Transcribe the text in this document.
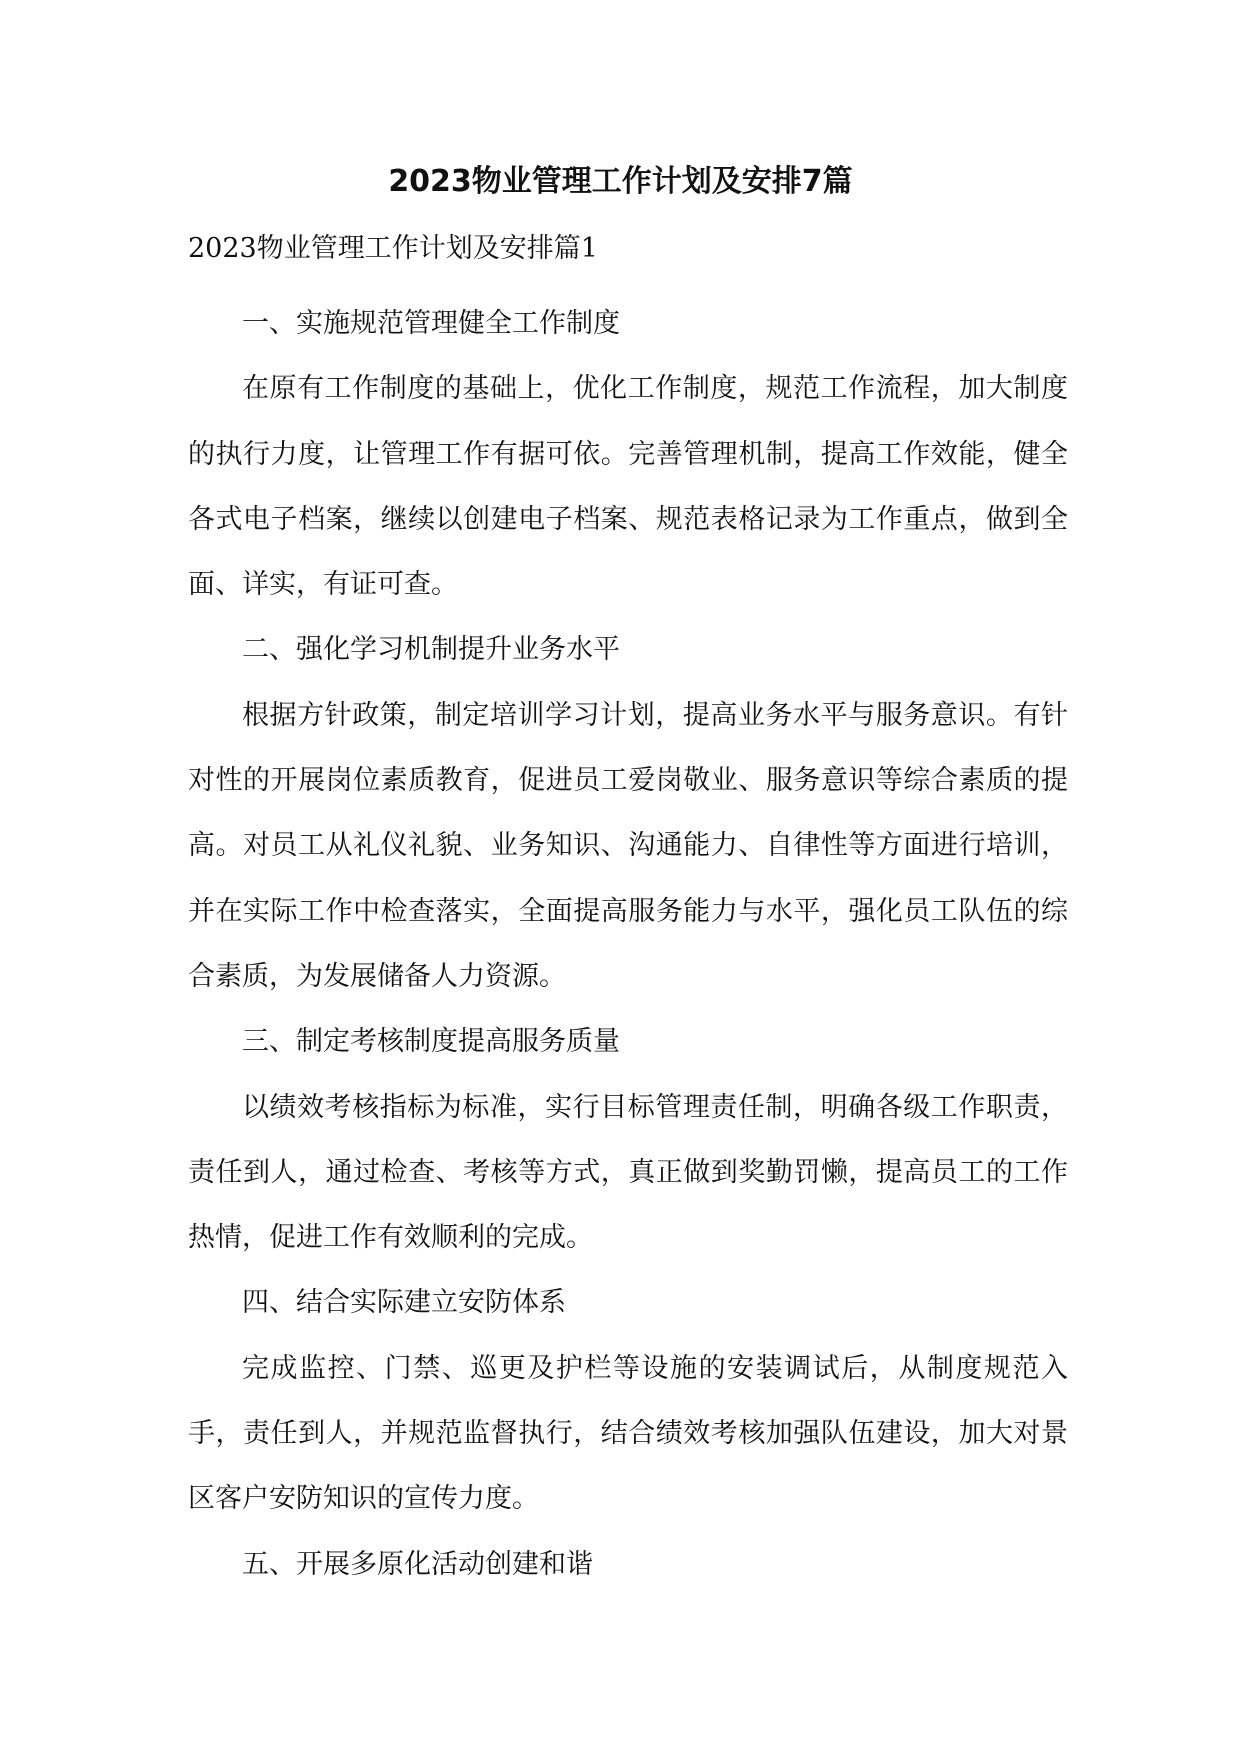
2023物业管理工作计划及安排7篇

2023物业管理工作计划及安排篇1

一、实施规范管理健全工作制度

在原有工作制度的基础上，优化工作制度，规范工作流程，加大制度的执行力度，让管理工作有据可依。完善管理机制，提高工作效能，健全各式电子档案，继续以创建电子档案、规范表格记录为工作重点，做到全面、详实，有证可查。

二、强化学习机制提升业务水平

根据方针政策，制定培训学习计划，提高业务水平与服务意识。有针对性的开展岗位素质教育，促进员工爱岗敬业、服务意识等综合素质的提高。对员工从礼仪礼貌、业务知识、沟通能力、自律性等方面进行培训，并在实际工作中检查落实，全面提高服务能力与水平，强化员工队伍的综合素质，为发展储备人力资源。

三、制定考核制度提高服务质量

以绩效考核指标为标准，实行目标管理责任制，明确各级工作职责，责任到人，通过检查、考核等方式，真正做到奖勤罚懒，提高员工的工作热情，促进工作有效顺利的完成。

四、结合实际建立安防体系

完成监控、门禁、巡更及护栏等设施的安装调试后，从制度规范入手，责任到人，并规范监督执行，结合绩效考核加强队伍建设，加大对景区客户安防知识的宣传力度。

五、开展多原化活动创建和谐
